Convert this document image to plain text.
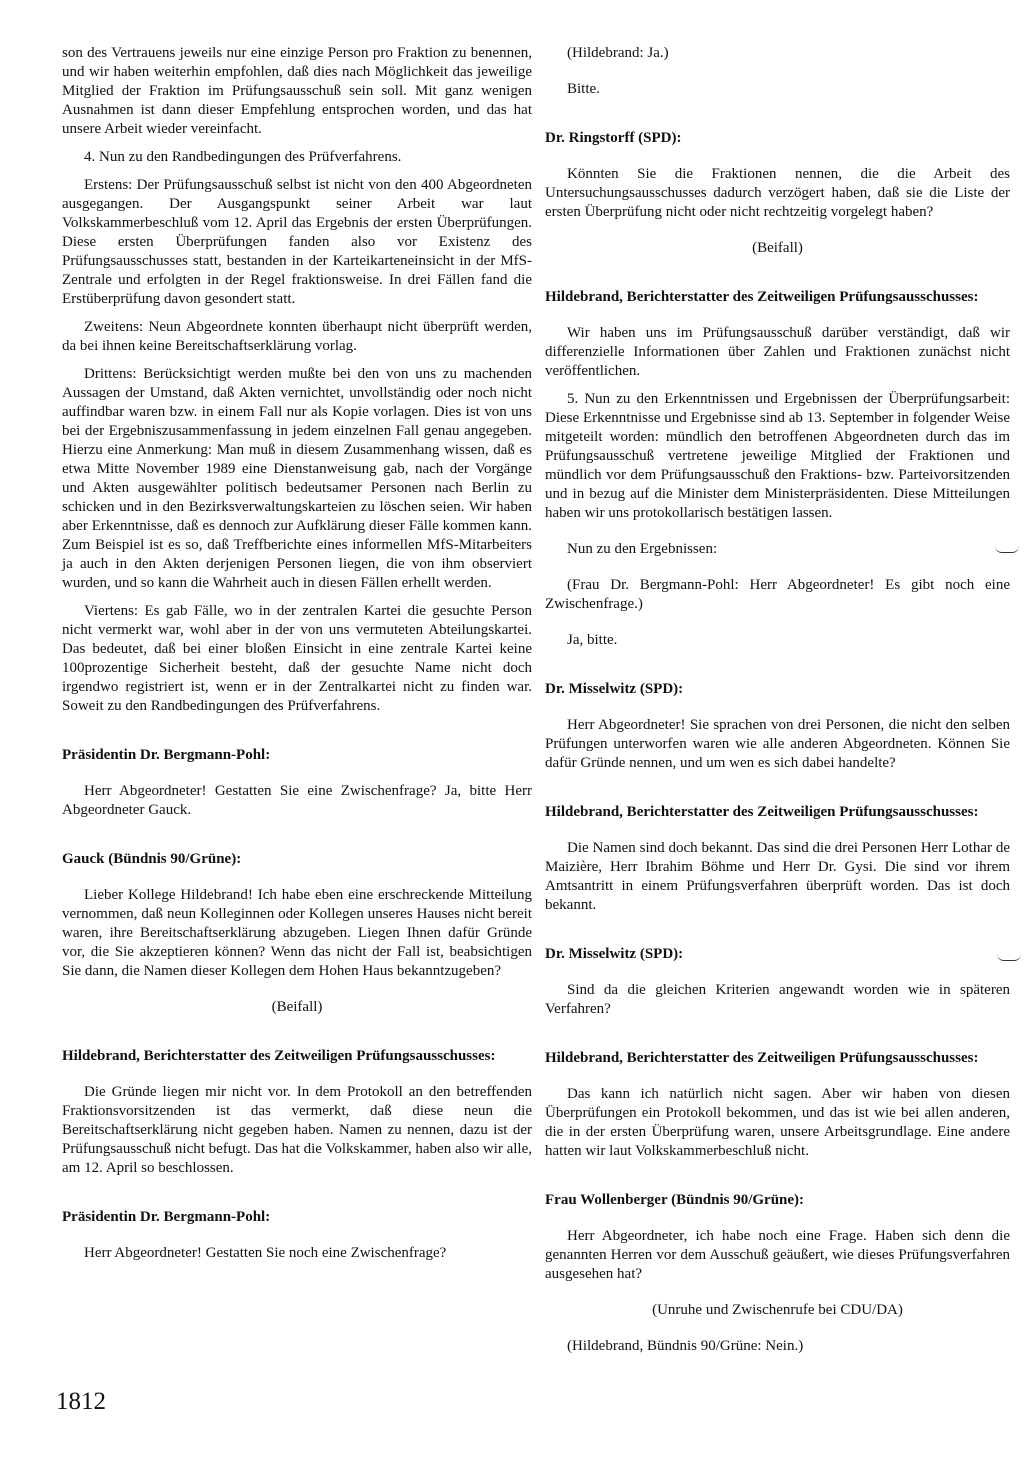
son des Vertrauens jeweils nur eine einzige Person pro Fraktion zu benennen, und wir haben weiterhin empfohlen, daß dies nach Möglichkeit das jeweilige Mitglied der Fraktion im Prüfungsausschuß sein soll. Mit ganz wenigen Ausnahmen ist dann dieser Empfehlung entsprochen worden, und das hat unsere Arbeit wieder vereinfacht.

4. Nun zu den Randbedingungen des Prüfverfahrens.

Erstens: Der Prüfungsausschuß selbst ist nicht von den 400 Abgeordneten ausgegangen. Der Ausgangspunkt seiner Arbeit war laut Volkskammerbeschluß vom 12. April das Ergebnis der ersten Überprüfungen. Diese ersten Überprüfungen fanden also vor Existenz des Prüfungsausschusses statt, bestanden in der Karteikarteneinsicht in der MfS-Zentrale und erfolgten in der Regel fraktionsweise. In drei Fällen fand die Erstüberprüfung davon gesondert statt.

Zweitens: Neun Abgeordnete konnten überhaupt nicht überprüft werden, da bei ihnen keine Bereitschaftserklärung vorlag.

Drittens: Berücksichtigt werden mußte bei den von uns zu machenden Aussagen der Umstand, daß Akten vernichtet, unvollständig oder noch nicht auffindbar waren bzw. in einem Fall nur als Kopie vorlagen. Dies ist von uns bei der Ergebniszusammenfassung in jedem einzelnen Fall genau angegeben. Hierzu eine Anmerkung: Man muß in diesem Zusammenhang wissen, daß es etwa Mitte November 1989 eine Dienstanweisung gab, nach der Vorgänge und Akten ausgewählter politisch bedeutsamer Personen nach Berlin zu schicken und in den Bezirksverwaltungskarteien zu löschen seien. Wir haben aber Erkenntnisse, daß es dennoch zur Aufklärung dieser Fälle kommen kann. Zum Beispiel ist es so, daß Treffberichte eines informellen MfS-Mitarbeiters ja auch in den Akten derjenigen Personen liegen, die von ihm observiert wurden, und so kann die Wahrheit auch in diesen Fällen erhellt werden.

Viertens: Es gab Fälle, wo in der zentralen Kartei die gesuchte Person nicht vermerkt war, wohl aber in der von uns vermuteten Abteilungskartei. Das bedeutet, daß bei einer bloßen Einsicht in eine zentrale Kartei keine 100prozentige Sicherheit besteht, daß der gesuchte Name nicht doch irgendwo registriert ist, wenn er in der Zentralkartei nicht zu finden war. Soweit zu den Randbedingungen des Prüfverfahrens.

Präsidentin Dr. Bergmann-Pohl:

Herr Abgeordneter! Gestatten Sie eine Zwischenfrage? Ja, bitte Herr Abgeordneter Gauck.

Gauck (Bündnis 90/Grüne):

Lieber Kollege Hildebrand! Ich habe eben eine erschreckende Mitteilung vernommen, daß neun Kolleginnen oder Kollegen unseres Hauses nicht bereit waren, ihre Bereitschaftserklärung abzugeben. Liegen Ihnen dafür Gründe vor, die Sie akzeptieren können? Wenn das nicht der Fall ist, beabsichtigen Sie dann, die Namen dieser Kollegen dem Hohen Haus bekanntzugeben?

(Beifall)

Hildebrand, Berichterstatter des Zeitweiligen Prüfungsausschusses:

Die Gründe liegen mir nicht vor. In dem Protokoll an den betreffenden Fraktionsvorsitzenden ist das vermerkt, daß diese neun die Bereitschaftserklärung nicht gegeben haben. Namen zu nennen, dazu ist der Prüfungsausschuß nicht befugt. Das hat die Volkskammer, haben also wir alle, am 12. April so beschlossen.

Präsidentin Dr. Bergmann-Pohl:

Herr Abgeordneter! Gestatten Sie noch eine Zwischenfrage?

(Hildebrand: Ja.)

Bitte.

Dr. Ringstorff (SPD):

Könnten Sie die Fraktionen nennen, die die Arbeit des Untersuchungsausschusses dadurch verzögert haben, daß sie die Liste der ersten Überprüfung nicht oder nicht rechtzeitig vorgelegt haben?

(Beifall)

Hildebrand, Berichterstatter des Zeitweiligen Prüfungsausschusses:

Wir haben uns im Prüfungsausschuß darüber verständigt, daß wir differenzielle Informationen über Zahlen und Fraktionen zunächst nicht veröffentlichen.

5. Nun zu den Erkenntnissen und Ergebnissen der Überprüfungsarbeit: Diese Erkenntnisse und Ergebnisse sind ab 13. September in folgender Weise mitgeteilt worden: mündlich den betroffenen Abgeordneten durch das im Prüfungsausschuß vertretene jeweilige Mitglied der Fraktionen und mündlich vor dem Prüfungsausschuß den Fraktions- bzw. Parteivorsitzenden und in bezug auf die Minister dem Ministerpräsidenten. Diese Mitteilungen haben wir uns protokollarisch bestätigen lassen.

Nun zu den Ergebnissen:

(Frau Dr. Bergmann-Pohl: Herr Abgeordneter! Es gibt noch eine Zwischenfrage.)

Ja, bitte.

Dr. Misselwitz (SPD):

Herr Abgeordneter! Sie sprachen von drei Personen, die nicht den selben Prüfungen unterworfen waren wie alle anderen Abgeordneten. Können Sie dafür Gründe nennen, und um wen es sich dabei handelte?

Hildebrand, Berichterstatter des Zeitweiligen Prüfungsausschusses:

Die Namen sind doch bekannt. Das sind die drei Personen Herr Lothar de Maizière, Herr Ibrahim Böhme und Herr Dr. Gysi. Die sind vor ihrem Amtsantritt in einem Prüfungsverfahren überprüft worden. Das ist doch bekannt.

Dr. Misselwitz (SPD):

Sind da die gleichen Kriterien angewandt worden wie in späteren Verfahren?

Hildebrand, Berichterstatter des Zeitweiligen Prüfungsausschusses:

Das kann ich natürlich nicht sagen. Aber wir haben von diesen Überprüfungen ein Protokoll bekommen, und das ist wie bei allen anderen, die in der ersten Überprüfung waren, unsere Arbeitsgrundlage. Eine andere hatten wir laut Volkskammerbeschluß nicht.

Frau Wollenberger (Bündnis 90/Grüne):

Herr Abgeordneter, ich habe noch eine Frage. Haben sich denn die genannten Herren vor dem Ausschuß geäußert, wie dieses Prüfungsverfahren ausgesehen hat?

(Unruhe und Zwischenrufe bei CDU/DA)

(Hildebrand, Bündnis 90/Grüne: Nein.)

1812
